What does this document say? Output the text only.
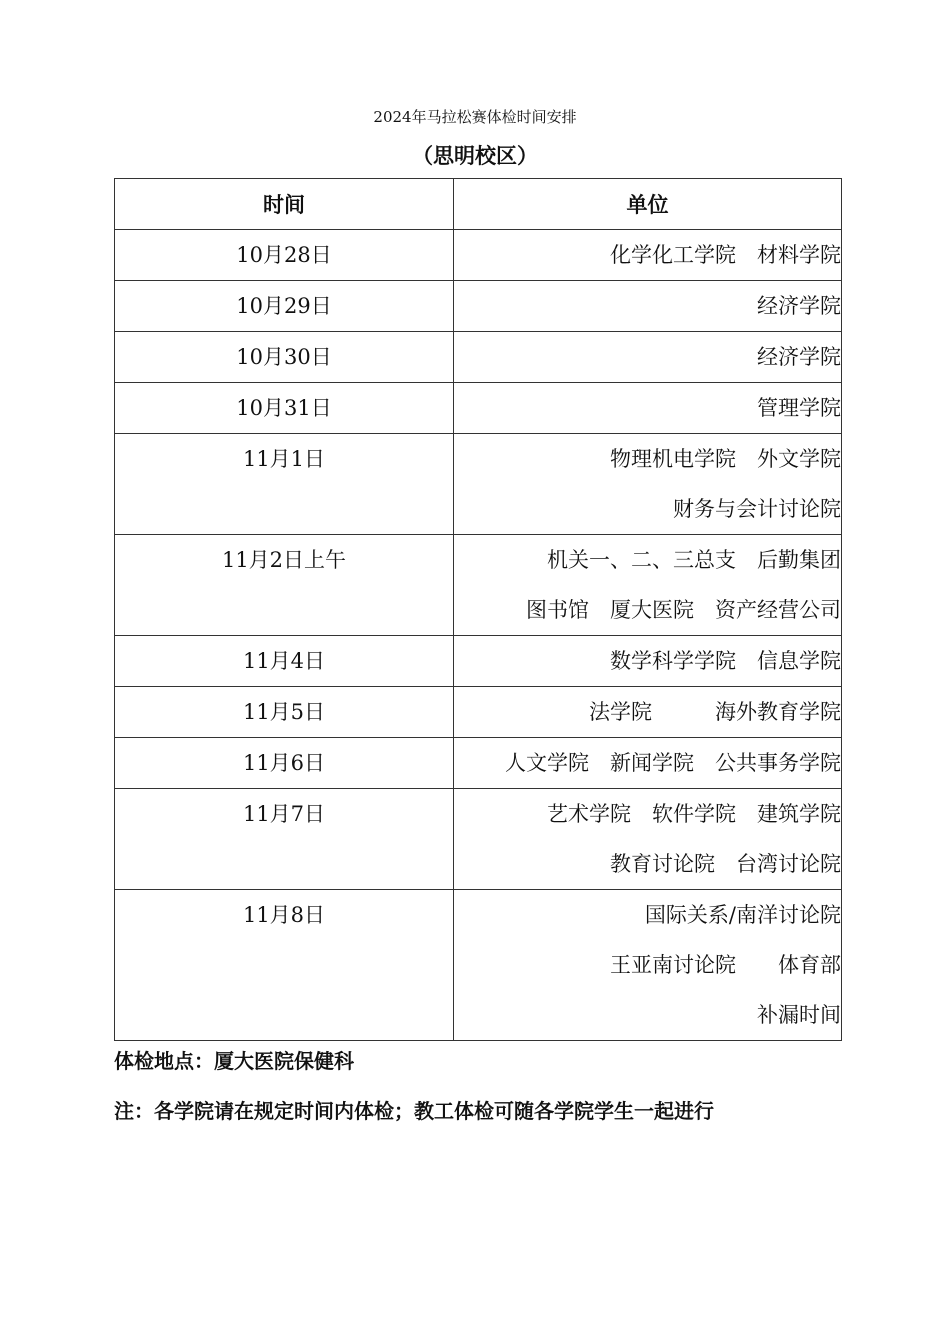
2024年马拉松赛体检时间安排
（思明校区）
时间	单位

10月28日	化学化工学院　材料学院

10月29日	经济学院

10月30日	经济学院

10月31日	管理学院

11月1日	物理机电学院　外文学院
财务与会计讨论院

11月2日上午	机关一、二、三总支　后勤集团
图书馆　厦大医院　资产经营公司

11月4日	数学科学学院　信息学院

11月5日	法学院　　　海外教育学院

11月6日	人文学院　新闻学院　公共事务学院

11月7日	艺术学院　软件学院　建筑学院
教育讨论院　台湾讨论院

11月8日	国际关系/南洋讨论院
王亚南讨论院　　体育部
补漏时间
体检地点：厦大医院保健科
注：各学院请在规定时间内体检；教工体检可随各学院学生一起进行
